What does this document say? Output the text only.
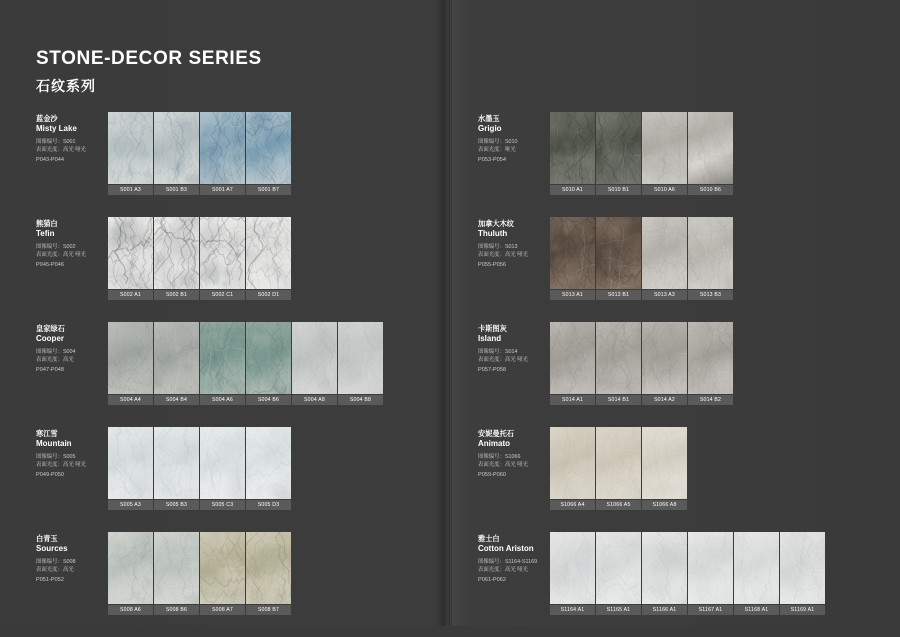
STONE-DECOR SERIES
石纹系列
蓝金沙
Misty Lake
图像编号：S001
表面光度：高光 哑光
P043-P044
S001 A3	S001 B3	S001 A7	S001 B7
熊猫白
Tefin
图像编号：S002
表面光度：高光 哑光
P045-P046
S002 A1	S002 B1	S002 C1	S002 D1
皇家绿石
Cooper
图像编号：S004
表面光度：高光
P047-P048
S004 A4	S004 B4	S004 A6	S004 B6	S004 A8	S004 B8
寒江雪
Mountain
图像编号：S005
表面光度：高光 哑光
P049-P050
S005 A3	S005 B3	S005 C3	S005 D3
白青玉
Sources
图像编号：S008
表面光度：高光
P051-P052
S008 A6	S008 B6	S008 A7	S008 B7
水墨玉
Grigio
图像编号：S010
表面光度：哑光
P053-P054
S010 A1	S010 B1	S010 A6	S010 B6
加拿大木纹
Thuluth
图像编号：S013
表面光度：高光 哑光
P055-P056
S013 A1	S013 B1	S013 A3	S013 B3
卡斯图灰
Island
图像编号：S014
表面光度：高光 哑光
P057-P058
S014 A1	S014 B1	S014 A2	S014 B2
安妮曼托石
Animato
图像编号：S1066
表面光度：高光 哑光
P059-P060
S1066 A4	S1066 A5	S1066 A8
雅士白
Cotton Ariston
图像编号：S1164-S1169
表面光度：高光 哑光
P061-P062
S1164 A1	S1165 A1	S1166 A1	S1167 A1	S1168 A1	S1169 A1
